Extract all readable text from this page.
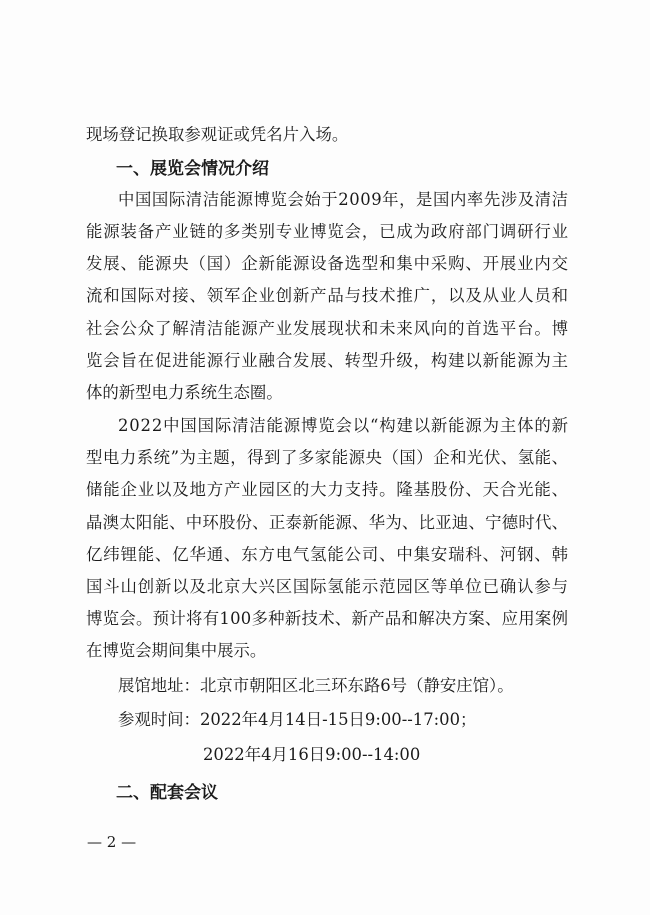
现场登记换取参观证或凭名片入场。
一、展览会情况介绍
中国国际清洁能源博览会始于2009年，是国内率先涉及清洁
能源装备产业链的多类别专业博览会，已成为政府部门调研行业
发展、能源央（国）企新能源设备选型和集中采购、开展业内交
流和国际对接、领军企业创新产品与技术推广，以及从业人员和
社会公众了解清洁能源产业发展现状和未来风向的首选平台。博
览会旨在促进能源行业融合发展、转型升级，构建以新能源为主
体的新型电力系统生态圈。
2022中国国际清洁能源博览会以“构建以新能源为主体的新
型电力系统”为主题，得到了多家能源央（国）企和光伏、氢能、
储能企业以及地方产业园区的大力支持。隆基股份、天合光能、
晶澳太阳能、中环股份、正泰新能源、华为、比亚迪、宁德时代、
亿纬锂能、亿华通、东方电气氢能公司、中集安瑞科、河钢、韩
国斗山创新以及北京大兴区国际氢能示范园区等单位已确认参与
博览会。预计将有100多种新技术、新产品和解决方案、应用案例
在博览会期间集中展示。
展馆地址：北京市朝阳区北三环东路6号（静安庄馆）。
参观时间：2022年4月14日-15日9:00--17:00；
2022年4月16日9:00--14:00
二、配套会议
— 2 —
